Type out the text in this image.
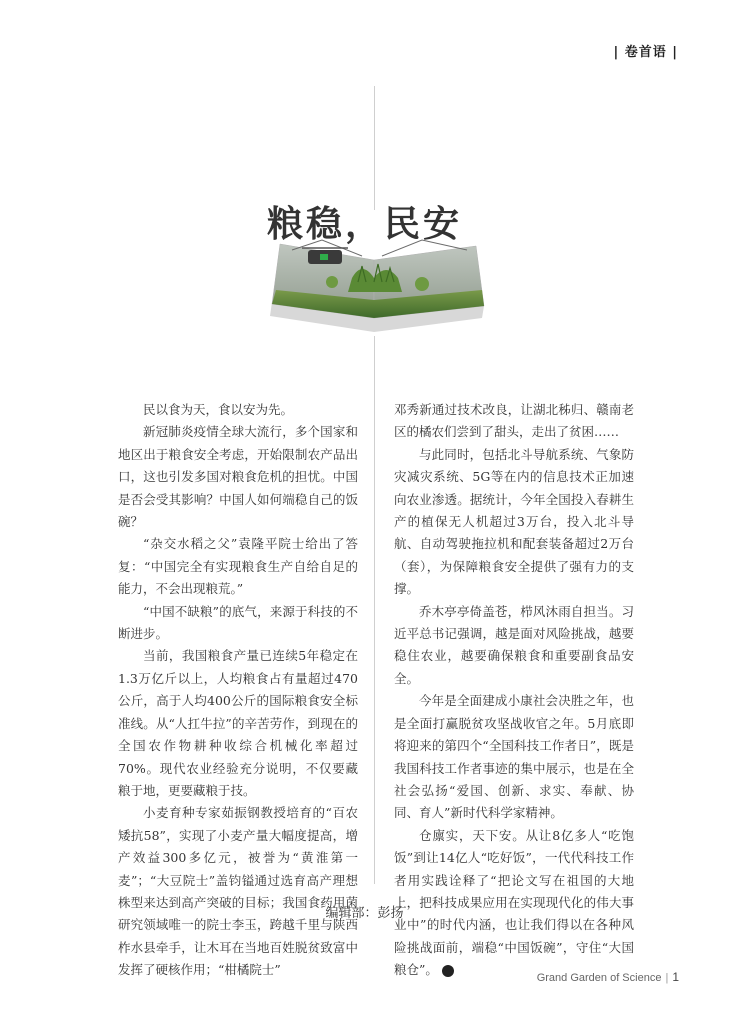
| 卷首语 |
粮稳，民安

民以食为天，食以安为先。

新冠肺炎疫情全球大流行，多个国家和地区出于粮食安全考虑，开始限制农产品出口，这也引发多国对粮食危机的担忧。中国是否会受其影响？中国人如何端稳自己的饭碗？

“杂交水稻之父”袁隆平院士给出了答复：“中国完全有实现粮食生产自给自足的能力，不会出现粮荒。”

“中国不缺粮”的底气，来源于科技的不断进步。

当前，我国粮食产量已连续5年稳定在1.3万亿斤以上，人均粮食占有量超过470公斤，高于人均400公斤的国际粮食安全标准线。从“人扛牛拉”的辛苦劳作，到现在的全国农作物耕种收综合机械化率超过70%。现代农业经验充分说明，不仅要藏粮于地，更要藏粮于技。

小麦育种专家茹振钢教授培育的“百农矮抗58”，实现了小麦产量大幅度提高，增产效益300多亿元，被誉为“黄淮第一麦”；“大豆院士”盖钧镒通过选育高产理想株型来达到高产突破的目标；我国食药用菌研究领域唯一的院士李玉，跨越千里与陕西柞水县牵手，让木耳在当地百姓脱贫致富中发挥了硬核作用；“柑橘院士”

邓秀新通过技术改良，让湖北秭归、赣南老区的橘农们尝到了甜头，走出了贫困……

与此同时，包括北斗导航系统、气象防灾减灾系统、5G等在内的信息技术正加速向农业渗透。据统计，今年全国投入春耕生产的植保无人机超过3万台，投入北斗导航、自动驾驶拖拉机和配套装备超过2万台（套），为保障粮食安全提供了强有力的支撑。

乔木亭亭倚盖苍，栉风沐雨自担当。习近平总书记强调，越是面对风险挑战，越要稳住农业，越要确保粮食和重要副食品安全。

今年是全面建成小康社会决胜之年，也是全面打赢脱贫攻坚战收官之年。5月底即将迎来的第四个“全国科技工作者日”，既是我国科技工作者事迹的集中展示，也是在全社会弘扬“爱国、创新、求实、奉献、协同、育人”新时代科学家精神。

仓廪实，天下安。从让8亿多人“吃饱饭”到让14亿人“吃好饭”，一代代科技工作者用实践诠释了“把论文写在祖国的大地上，把科技成果应用在实现现代化的伟大事业中”的时代内涵，也让我们得以在各种风险挑战面前，端稳“中国饭碗”，守住“大国粮仓”。	S

编辑部：彭扬
Grand Garden of Science | 1
